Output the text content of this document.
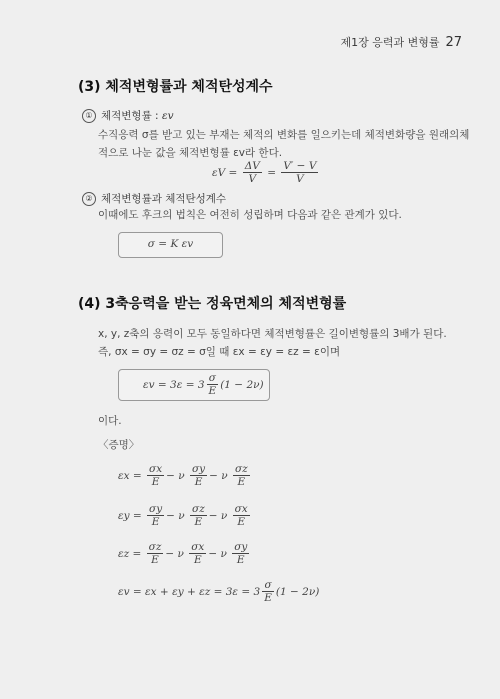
제1장 응력과 변형률 27
(3) 체적변형률과 체적탄성계수
① 체적변형률 : εv
수직응력 σ를 받고 있는 부재는 체적의 변화를 일으키는데 체적변화량을 원래의체
적으로 나눈 값을 체적변형률 εv라 한다.
$\varepsilon V = \frac{\Delta V}{V} = \frac{V' - V}{V}$
② 체적변형률과 체적탄성계수
이때에도 후크의 법칙은 여전히 성립하며 다음과 같은 관계가 있다.
σ = K εv
(4) 3축응력을 받는 정육면체의 체적변형률
x, y, z축의 응력이 모두 동일하다면 체적변형률은 길이변형률의 3배가 된다.
즉, σx = σy = σz = σ일 때 εx = εy = εz = ε이며
$\varepsilon v = 3\varepsilon = 3 \frac{\sigma}{E} (1 - 2\nu)$
이다.
〈증명〉
$\varepsilon x = \frac{\sigma x}{E} - \nu \frac{\sigma y}{E} - \nu \frac{\sigma z}{E}$
$\varepsilon y = \frac{\sigma y}{E} - \nu \frac{\sigma z}{E} - \nu \frac{\sigma x}{E}$
$\varepsilon z = \frac{\sigma z}{E} - \nu \frac{\sigma x}{E} - \nu \frac{\sigma y}{E}$
$\varepsilon v = \varepsilon x + \varepsilon y + \varepsilon z = 3\varepsilon = 3 \frac{\sigma}{E} (1 - 2\nu)$
